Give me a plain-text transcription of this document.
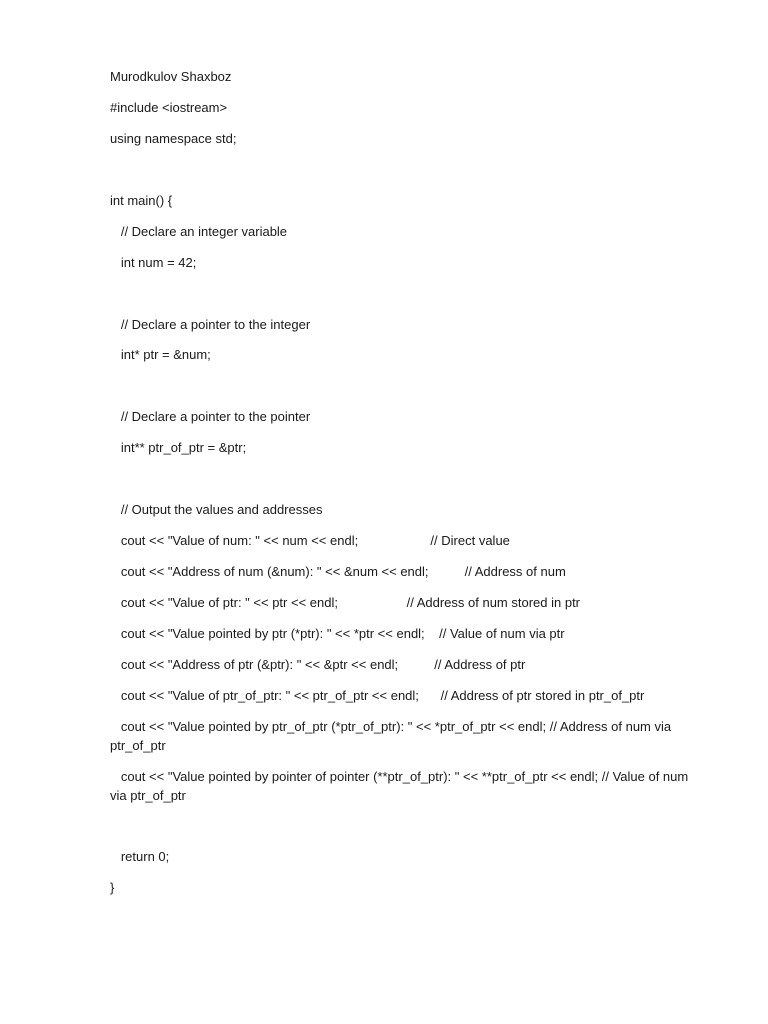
Murodkulov Shaxboz
#include <iostream>
using namespace std;
int main() {
// Declare an integer variable
int num = 42;
// Declare a pointer to the integer
int* ptr = &num;
// Declare a pointer to the pointer
int** ptr_of_ptr = &ptr;
// Output the values and addresses
cout << "Value of num: " << num << endl;                    // Direct value
cout << "Address of num (&num): " << &num << endl;          // Address of num
cout << "Value of ptr: " << ptr << endl;                   // Address of num stored in ptr
cout << "Value pointed by ptr (*ptr): " << *ptr << endl;    // Value of num via ptr
cout << "Address of ptr (&ptr): " << &ptr << endl;          // Address of ptr
cout << "Value of ptr_of_ptr: " << ptr_of_ptr << endl;      // Address of ptr stored in ptr_of_ptr
cout << "Value pointed by ptr_of_ptr (*ptr_of_ptr): " << *ptr_of_ptr << endl; // Address of num via ptr_of_ptr
cout << "Value pointed by pointer of pointer (**ptr_of_ptr): " << **ptr_of_ptr << endl; // Value of num via ptr_of_ptr
return 0;
}
